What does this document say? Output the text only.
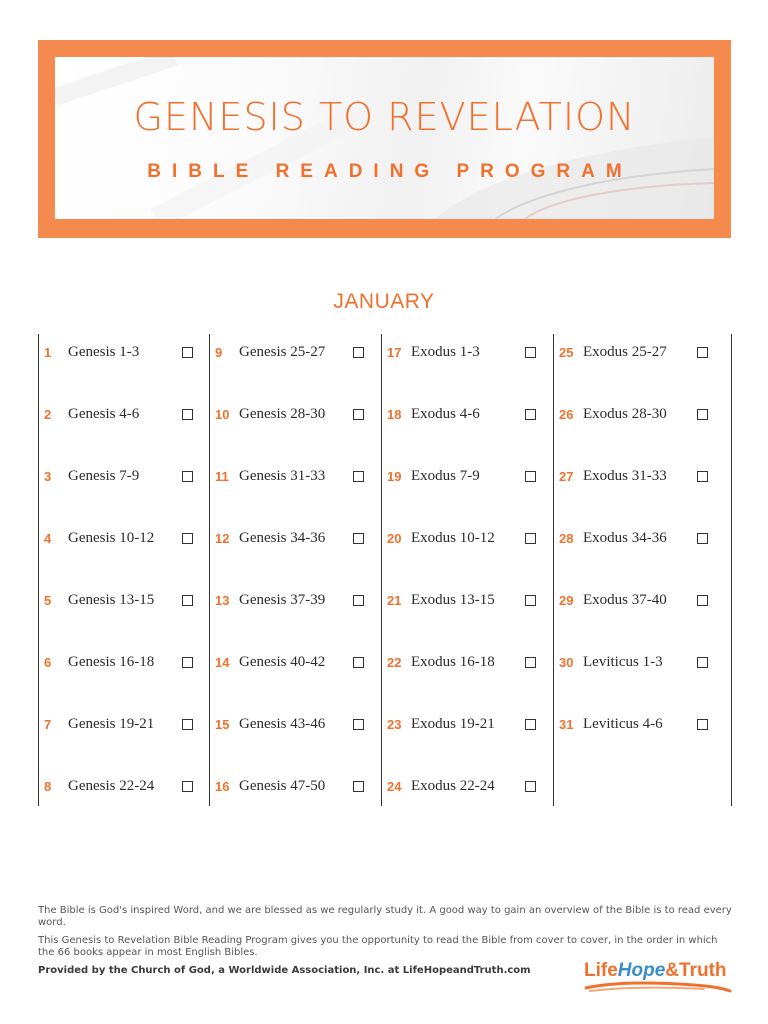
GENESIS TO REVELATION
BIBLE READING PROGRAM
JANUARY
1 Genesis 1-3
2 Genesis 4-6
3 Genesis 7-9
4 Genesis 10-12
5 Genesis 13-15
6 Genesis 16-18
7 Genesis 19-21
8 Genesis 22-24
9 Genesis 25-27
10 Genesis 28-30
11 Genesis 31-33
12 Genesis 34-36
13 Genesis 37-39
14 Genesis 40-42
15 Genesis 43-46
16 Genesis 47-50
17 Exodus 1-3
18 Exodus 4-6
19 Exodus 7-9
20 Exodus 10-12
21 Exodus 13-15
22 Exodus 16-18
23 Exodus 19-21
24 Exodus 22-24
25 Exodus 25-27
26 Exodus 28-30
27 Exodus 31-33
28 Exodus 34-36
29 Exodus 37-40
30 Leviticus 1-3
31 Leviticus 4-6

The Bible is God's inspired Word, and we are blessed as we regularly study it. A good way to gain an overview of the Bible is to read every word.

This Genesis to Revelation Bible Reading Program gives you the opportunity to read the Bible from cover to cover, in the order in which the 66 books appear in most English Bibles.

Provided by the Church of God, a Worldwide Association, Inc. at LifeHopeandTruth.com	LifeHope&Truth
